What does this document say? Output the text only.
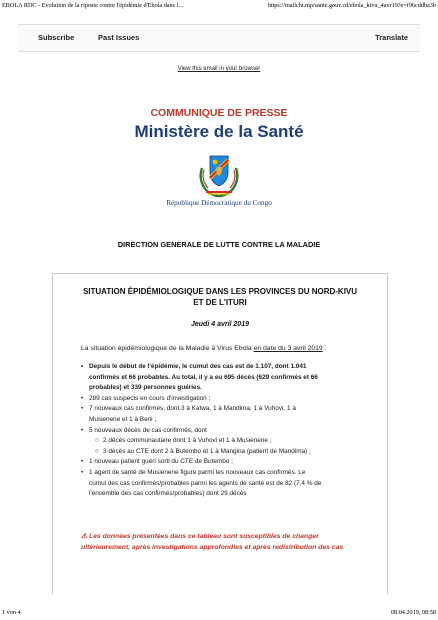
EBOLA RDC - Evolution de la riposte contre l'épidémie d'Ebola dans l...	https://mailchi.mp/sante.gouv.cd/ebola_kivu_4avr19?e=f96cddba3b
Subscribe	Past Issues	Translate
View this email in your browser
COMMUNIQUE DE PRESSE
Ministère de la Santé
République Démocratique du Congo
DIRECTION GENERALE DE LUTTE CONTRE LA MALADIE
SITUATION ÉPIDÉMIOLOGIQUE DANS LES PROVINCES DU NORD-KIVU
ET DE L'ITURI
Jeudi 4 avril 2019
La situation épidémiologique de la Maladie à Virus Ebola en date du 3 avril 2019 :
• Depuis le début de l'épidémie, le cumul des cas est de 1.107, dont 1.041
confirmés et 66 probables. Au total, il y a eu 695 décès (629 confirmés et 66
probables) et 339 personnes guéries.
• 289 cas suspects en cours d'investigation ;
• 7 nouveaux cas confirmés, dont 3 à Katwa, 1 à Mandima, 1 à Vuhovi, 1 à
Musienene et 1 à Beni ;
• 5 nouveaux décès de cas confirmés, dont
○ 2 décès communautaire dont 1 à Vuhovi et 1 à Musienene ;
○ 3 décès au CTE dont 2 à Butembo et 1 à Mangina (patient de Mandima) ;
• 1 nouveau patient guéri sorti du CTE de Butembo ;
• 1 agent de santé de Musienene figure parmi les nouveaux cas confirmés. Le
cumul des cas confirmés/probables parmi les agents de santé est de 82 (7,4 % de
l'ensemble des cas confirmés/probables) dont 29 décès
⚠ Les données présentées dans ce tableau sont susceptibles de changer
ultérieurement, après investigations approfondies et après redistribution des cas
1 von 4	08.04.2019, 08:58
